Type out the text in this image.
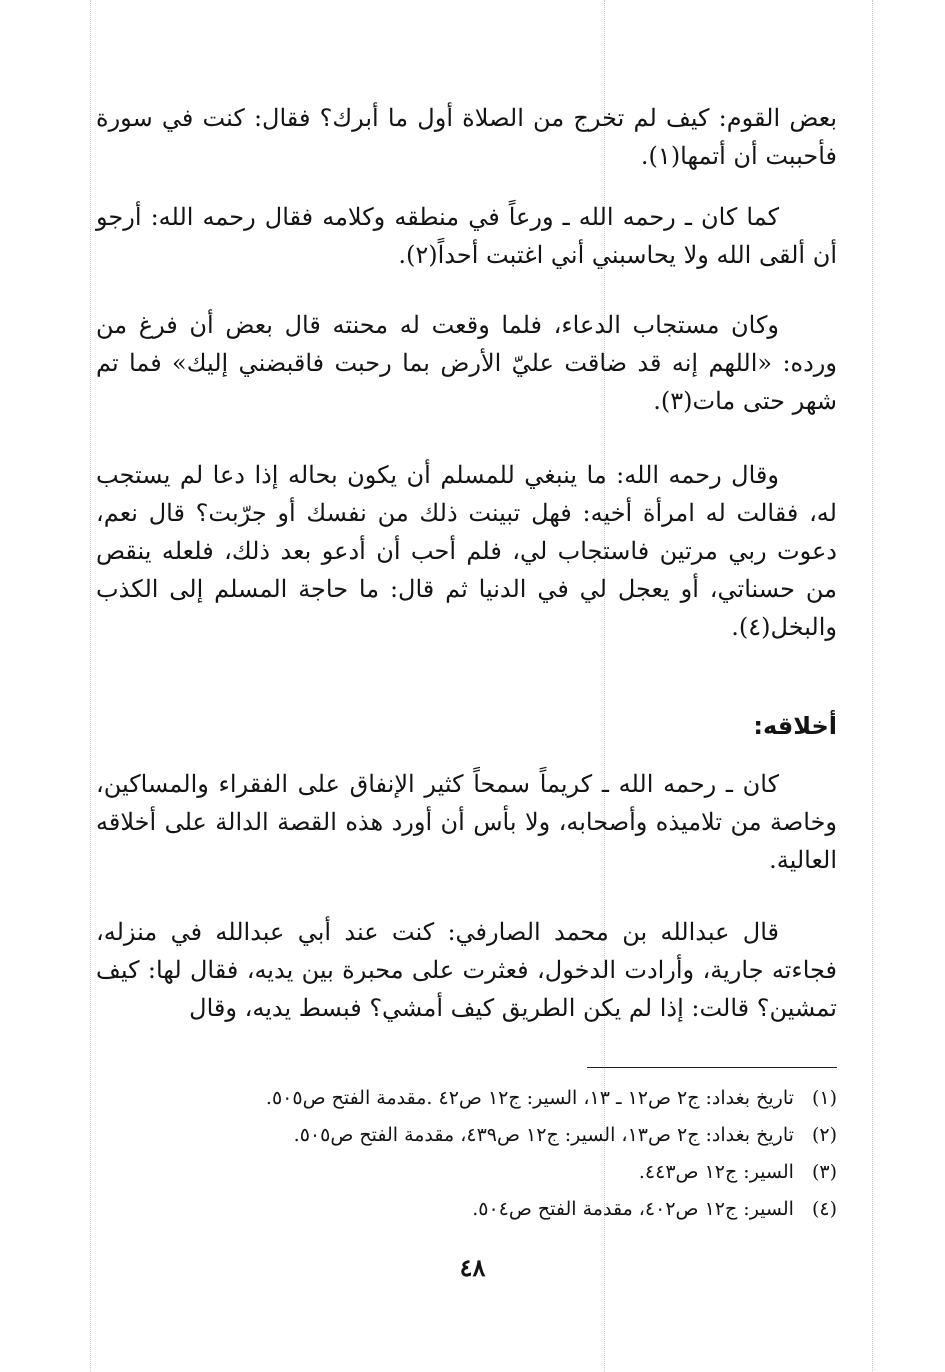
بعض القوم: كيف لم تخرج من الصلاة أول ما أبرك؟ فقال: كنت في سورة فأحببت أن أتمها(١).

كما كان ـ رحمه الله ـ ورعاً في منطقه وكلامه فقال رحمه الله: أرجو أن ألقى الله ولا يحاسبني أني اغتبت أحداً(٢).

وكان مستجاب الدعاء، فلما وقعت له محنته قال بعض أن فرغ من ورده: «اللهم إنه قد ضاقت عليّ الأرض بما رحبت فاقبضني إليك» فما تم شهر حتى مات(٣).

وقال رحمه الله: ما ينبغي للمسلم أن يكون بحاله إذا دعا لم يستجب له، فقالت له امرأة أخيه: فهل تبينت ذلك من نفسك أو جرّبت؟ قال نعم، دعوت ربي مرتين فاستجاب لي، فلم أحب أن أدعو بعد ذلك، فلعله ينقص من حسناتي، أو يعجل لي في الدنيا ثم قال: ما حاجة المسلم إلى الكذب والبخل(٤).

أخلاقه:

كان ـ رحمه الله ـ كريماً سمحاً كثير الإنفاق على الفقراء والمساكين، وخاصة من تلاميذه وأصحابه، ولا بأس أن أورد هذه القصة الدالة على أخلاقه العالية.

قال عبدالله بن محمد الصارفي: كنت عند أبي عبدالله في منزله، فجاءته جارية، وأرادت الدخول، فعثرت على محبرة بين يديه، فقال لها: كيف تمشين؟ قالت: إذا لم يكن الطريق كيف أمشي؟ فبسط يديه، وقال

(١)تاريخ بغداد: ج٢ ص١٢ ـ ١٣، السير: ج١٢ ص٤٢ .مقدمة الفتح ص٥٠٥.
(٢)تاريخ بغداد: ج٢ ص١٣، السير: ج١٢ ص٤٣٩، مقدمة الفتح ص٥٠٥.
(٣)السير: ج١٢ ص٤٤٣.
(٤)السير: ج١٢ ص٤٠٢، مقدمة الفتح ص٥٠٤.
٤٨
